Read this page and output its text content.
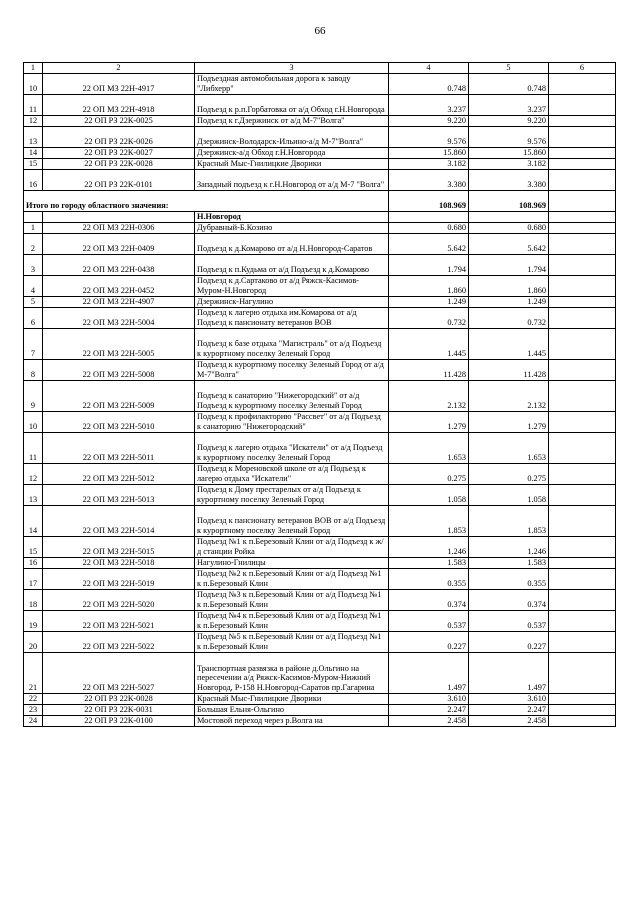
66
1	2	3	4	5	6
10	22 ОП МЗ 22Н-4917	Подъездная автомобильная дорога к заводу "Либхерр"	0.748	0.748	
11	22 ОП МЗ 22Н-4918	Подъезд к р.п.Горбатовка от а/д Обход г.Н.Новгорода	3.237	3.237	
12	22 ОП РЗ 22К-0025	Подъезд к г.Дзержинск от а/д М-7"Волга"	9.220	9.220	
13	22 ОП РЗ 22К-0026	Дзержинск-Володарск-Ильино-а/д М-7"Волга"	9.576	9.576	
14	22 ОП РЗ 22К-0027	Дзержинск-а/д Обход г.Н.Новгорода	15.860	15.860	
15	22 ОП РЗ 22К-0028	Красный Мыс-Гнилицкие Дворики	3.182	3.182	
16	22 ОП РЗ 22К-0101	Западный подъезд к г.Н.Новгород от а/д М-7 "Волга"	3.380	3.380	
Итого по городу областного значения:			108.969	108.969	
		Н.Новгород			
1	22 ОП МЗ 22Н-0306	Дубравный-Б.Козино	0.680	0.680	
2	22 ОП МЗ 22Н-0409	Подъезд к д.Комарово от а/д Н.Новгород-Саратов	5.642	5.642	
3	22 ОП МЗ 22Н-0438	Подъезд к п.Кудьма от а/д Подъезд к д.Комарово	1.794	1.794	
4	22 ОП МЗ 22Н-0452	Подъезд к д.Сартаково от а/д Ряжск-Касимов-Муром-Н.Новгород	1.860	1.860	
5	22 ОП МЗ 22Н-4907	Дзержинск-Нагулино	1.249	1.249	
6	22 ОП МЗ 22Н-5004	Подъезд к лагерю отдыха им.Комарова от а/д Подъезд к пансионату ветеранов ВОВ	0.732	0.732	
7	22 ОП МЗ 22Н-5005	Подъезд к базе отдыха "Магистраль" от а/д Подъезд к курортному поселку Зеленый Город	1.445	1.445	
8	22 ОП МЗ 22Н-5008	Подъезд к курортному поселку Зеленый Город от а/д М-7"Волга"	11.428	11.428	
9	22 ОП МЗ 22Н-5009	Подъезд к санаторию "Нижегородский" от а/д Подъезд к курортному поселку Зеленый Город	2.132	2.132	
10	22 ОП МЗ 22Н-5010	Подъезд к профилакторию "Рассвет" от а/д Подъезд к санаторию "Нижегородский"	1.279	1.279	
11	22 ОП МЗ 22Н-5011	Подъезд к лагерю отдыха "Искатели" от а/д Подъезд к курортному поселку Зеленый Город	1.653	1.653	
12	22 ОП МЗ 22Н-5012	Подъезд к Мореновской школе от а/д Подъезд к лагерю отдыха "Искатели"	0.275	0.275	
13	22 ОП МЗ 22Н-5013	Подъезд к Дому престарелых от а/д Подъезд к курортному поселку Зеленый Город	1.058	1.058	
14	22 ОП МЗ 22Н-5014	Подъезд к пансионату ветеранов ВОВ от а/д Подъезд к курортному поселку Зеленый Город	1.853	1.853	
15	22 ОП МЗ 22Н-5015	Подъезд №1 к п.Березовый Клин от а/д Подъезд к ж/д станции Ройка	1.246	1.246	
16	22 ОП МЗ 22Н-5018	Нагулино-Гнилицы	1.583	1.583	
17	22 ОП МЗ 22Н-5019	Подъезд №2 к п.Березовый Клин от а/д Подъезд №1 к п.Березовый Клин	0.355	0.355	
18	22 ОП МЗ 22Н-5020	Подъезд №3 к п.Березовый Клин от а/д Подъезд №1 к п.Березовый Клин	0.374	0.374	
19	22 ОП МЗ 22Н-5021	Подъезд №4 к п.Березовый Клин от а/д Подъезд №1 к п.Березовый Клин	0.537	0.537	
20	22 ОП МЗ 22Н-5022	Подъезд №5 к п.Березовый Клин от а/д Подъезд №1 к п.Березовый Клин	0.227	0.227	
21	22 ОП МЗ 22Н-5027	Транспортная развязка в районе д.Ольгино на пересечении а/д Ряжск-Касимов-Муром-Нижний Новгород, Р-158 Н.Новгород-Саратов пр.Гагарина	1.497	1.497	
22	22 ОП РЗ 22К-0028	Красный Мыс-Гнилицкие Дворики	3.610	3.610	
23	22 ОП РЗ 22К-0031	Большая Ельня-Ольгино	2.247	2.247	
24	22 ОП РЗ 22К-0100	Мостовой переход через р.Волга на	2.458	2.458	
